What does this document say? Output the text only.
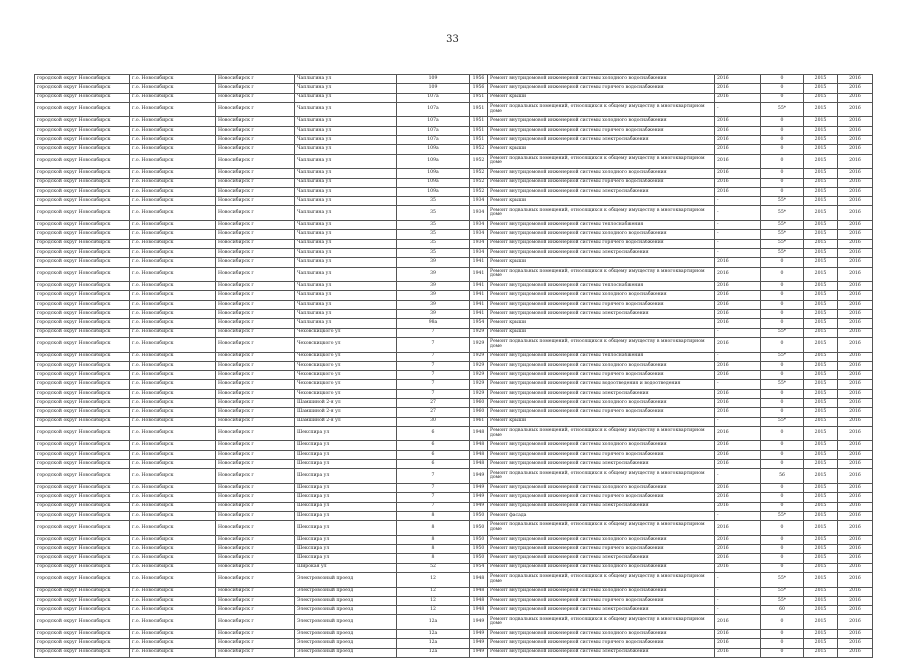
33
городской округ Новосибирск	г.о. Новосибирск	Новосибирск г	Чаплыгина ул	109	1956	Ремонт внутридомовой инженерной системы холодного водоснабжения	2016	0	2015	2016
городской округ Новосибирск	г.о. Новосибирск	Новосибирск г	Чаплыгина ул	109	1956	Ремонт внутридомовой инженерной системы горячего водоснабжения	2016	0	2015	2016
городской округ Новосибирск	г.о. Новосибирск	Новосибирск г	Чаплыгина ул	107а	1951	Ремонт крыши	2016	0	2015	2016
городской округ Новосибирск	г.о. Новосибирск	Новосибирск г	Чаплыгина ул	107а	1951	Ремонт подвальных помещений, относящихся к общему имуществу в многоквартирном доме	-	55*	2015	2016
городской округ Новосибирск	г.о. Новосибирск	Новосибирск г	Чаплыгина ул	107а	1951	Ремонт внутридомовой инженерной системы холодного водоснабжения	2016	0	2015	2016
городской округ Новосибирск	г.о. Новосибирск	Новосибирск г	Чаплыгина ул	107а	1951	Ремонт внутридомовой инженерной системы горячего водоснабжения	2016	0	2015	2016
городской округ Новосибирск	г.о. Новосибирск	Новосибирск г	Чаплыгина ул	107а	1951	Ремонт внутридомовой инженерной системы электроснабжения	2016	0	2015	2016
городской округ Новосибирск	г.о. Новосибирск	Новосибирск г	Чаплыгина ул	109а	1952	Ремонт крыши	2016	0	2015	2016
городской округ Новосибирск	г.о. Новосибирск	Новосибирск г	Чаплыгина ул	109а	1952	Ремонт подвальных помещений, относящихся к общему имуществу в многоквартирном доме	2016	0	2015	2016
городской округ Новосибирск	г.о. Новосибирск	Новосибирск г	Чаплыгина ул	109а	1952	Ремонт внутридомовой инженерной системы холодного водоснабжения	2016	0	2015	2016
городской округ Новосибирск	г.о. Новосибирск	Новосибирск г	Чаплыгина ул	109а	1952	Ремонт внутридомовой инженерной системы горячего водоснабжения	2016	0	2015	2016
городской округ Новосибирск	г.о. Новосибирск	Новосибирск г	Чаплыгина ул	109а	1952	Ремонт внутридомовой инженерной системы электроснабжения	2016	0	2015	2016
городской округ Новосибирск	г.о. Новосибирск	Новосибирск г	Чаплыгина ул	35	1934	Ремонт крыши	-	55*	2015	2016
городской округ Новосибирск	г.о. Новосибирск	Новосибирск г	Чаплыгина ул	35	1934	Ремонт подвальных помещений, относящихся к общему имуществу в многоквартирном доме	-	55*	2015	2016
городской округ Новосибирск	г.о. Новосибирск	Новосибирск г	Чаплыгина ул	35	1934	Ремонт внутридомовой инженерной системы теплоснабжения	-	55*	2015	2016
городской округ Новосибирск	г.о. Новосибирск	Новосибирск г	Чаплыгина ул	35	1934	Ремонт внутридомовой инженерной системы холодного водоснабжения	-	55*	2015	2016
городской округ Новосибирск	г.о. Новосибирск	Новосибирск г	Чаплыгина ул	35	1934	Ремонт внутридомовой инженерной системы горячего водоснабжения	-	55*	2015	2016
городской округ Новосибирск	г.о. Новосибирск	Новосибирск г	Чаплыгина ул	35	1934	Ремонт внутридомовой инженерной системы электроснабжения	-	55*	2015	2016
городской округ Новосибирск	г.о. Новосибирск	Новосибирск г	Чаплыгина ул	39	1941	Ремонт крыши	2016	0	2015	2016
городской округ Новосибирск	г.о. Новосибирск	Новосибирск г	Чаплыгина ул	39	1941	Ремонт подвальных помещений, относящихся к общему имуществу в многоквартирном доме	2016	0	2015	2016
городской округ Новосибирск	г.о. Новосибирск	Новосибирск г	Чаплыгина ул	39	1941	Ремонт внутридомовой инженерной системы теплоснабжения	2016	0	2015	2016
городской округ Новосибирск	г.о. Новосибирск	Новосибирск г	Чаплыгина ул	39	1941	Ремонт внутридомовой инженерной системы холодного водоснабжения	2016	0	2015	2016
городской округ Новосибирск	г.о. Новосибирск	Новосибирск г	Чаплыгина ул	39	1941	Ремонт внутридомовой инженерной системы горячего водоснабжения	2016	0	2015	2016
городской округ Новосибирск	г.о. Новосибирск	Новосибирск г	Чаплыгина ул	39	1941	Ремонт внутридомовой инженерной системы электроснабжения	2016	0	2015	2016
городской округ Новосибирск	г.о. Новосибирск	Новосибирск г	Чаплыгина ул	98а	1954	Ремонт крыши	2016	0	2015	2016
городской округ Новосибирск	г.о. Новосибирск	Новосибирск г	Чеховскицкого ул	7	1929	Ремонт крыши	-	55*	2015	2016
городской округ Новосибирск	г.о. Новосибирск	Новосибирск г	Чеховскицкого ул	7	1929	Ремонт подвальных помещений, относящихся к общему имуществу в многоквартирном доме	2016	0	2015	2016
городской округ Новосибирск	г.о. Новосибирск	Новосибирск г	Чеховскицкого ул	7	1929	Ремонт внутридомовой инженерной системы теплоснабжения	-	55*	2015	2016
городской округ Новосибирск	г.о. Новосибирск	Новосибирск г	Чеховскицкого ул	7	1929	Ремонт внутридомовой инженерной системы холодного водоснабжения	2016	0	2015	2016
городской округ Новосибирск	г.о. Новосибирск	Новосибирск г	Чеховскицкого ул	7	1929	Ремонт внутридомовой инженерной системы горячего водоснабжения	2016	0	2015	2016
городской округ Новосибирск	г.о. Новосибирск	Новосибирск г	Чеховскицкого ул	7	1929	Ремонт внутридомовой инженерной системы водоотведения и водоотведения	-	55*	2015	2016
городской округ Новосибирск	г.о. Новосибирск	Новосибирск г	Чеховскицкого ул	7	1929	Ремонт внутридомовой инженерной системы электроснабжения	2016	0	2015	2016
городской округ Новосибирск	г.о. Новосибирск	Новосибирск г	Шамшиной 2-я ул	27	1960	Ремонт внутридомовой инженерной системы холодного водоснабжения	2016	0	2015	2016
городской округ Новосибирск	г.о. Новосибирск	Новосибирск г	Шамшиной 2-я ул	27	1960	Ремонт внутридомовой инженерной системы горячего водоснабжения	2016	0	2015	2016
городской округ Новосибирск	г.о. Новосибирск	Новосибирск г	Шамшиной 2-я ул	30	1961	Ремонт крыши	-	55*	2015	2016
городской округ Новосибирск	г.о. Новосибирск	Новосибирск г	Шекспира ул	6	1948	Ремонт подвальных помещений, относящихся к общему имуществу в многоквартирном доме	2016	0	2015	2016
городской округ Новосибирск	г.о. Новосибирск	Новосибирск г	Шекспира ул	6	1948	Ремонт внутридомовой инженерной системы холодного водоснабжения	2016	0	2015	2016
городской округ Новосибирск	г.о. Новосибирск	Новосибирск г	Шекспира ул	6	1948	Ремонт внутридомовой инженерной системы горячего водоснабжения	2016	0	2015	2016
городской округ Новосибирск	г.о. Новосибирск	Новосибирск г	Шекспира ул	6	1948	Ремонт внутридомовой инженерной системы электроснабжения	2016	0	2015	2016
городской округ Новосибирск	г.о. Новосибирск	Новосибирск г	Шекспира ул	7	1949	Ремонт подвальных помещений, относящихся к общему имуществу в многоквартирном доме	-	56	2015	2016
городской округ Новосибирск	г.о. Новосибирск	Новосибирск г	Шекспира ул	7	1949	Ремонт внутридомовой инженерной системы холодного водоснабжения	2016	0	2015	2016
городской округ Новосибирск	г.о. Новосибирск	Новосибирск г	Шекспира ул	7	1949	Ремонт внутридомовой инженерной системы горячего водоснабжения	2016	0	2015	2016
городской округ Новосибирск	г.о. Новосибирск	Новосибирск г	Шекспира ул	7	1949	Ремонт внутридомовой инженерной системы электроснабжения	2016	0	2015	2016
городской округ Новосибирск	г.о. Новосибирск	Новосибирск г	Шекспира ул	8	1950	Ремонт фасада	-	55*	2015	2016
городской округ Новосибирск	г.о. Новосибирск	Новосибирск г	Шекспира ул	8	1950	Ремонт подвальных помещений, относящихся к общему имуществу в многоквартирном доме	2016	0	2015	2016
городской округ Новосибирск	г.о. Новосибирск	Новосибирск г	Шекспира ул	8	1950	Ремонт внутридомовой инженерной системы холодного водоснабжения	2016	0	2015	2016
городской округ Новосибирск	г.о. Новосибирск	Новосибирск г	Шекспира ул	8	1950	Ремонт внутридомовой инженерной системы горячего водоснабжения	2016	0	2015	2016
городской округ Новосибирск	г.о. Новосибирск	Новосибирск г	Шекспира ул	8	1950	Ремонт внутридомовой инженерной системы электроснабжения	2016	0	2015	2016
городской округ Новосибирск	г.о. Новосибирск	Новосибирск г	Широкая ул	52	1954	Ремонт внутридомовой инженерной системы холодного водоснабжения	2016	0	2015	2016
городской округ Новосибирск	г.о. Новосибирск	Новосибирск г	Электровозный проезд	12	1948	Ремонт подвальных помещений, относящихся к общему имуществу в многоквартирном доме	-	55*	2015	2016
городской округ Новосибирск	г.о. Новосибирск	Новосибирск г	Электровозный проезд	12	1948	Ремонт внутридомовой инженерной системы холодного водоснабжения	-	55*	2015	2016
городской округ Новосибирск	г.о. Новосибирск	Новосибирск г	Электровозный проезд	12	1948	Ремонт внутридомовой инженерной системы горячего водоснабжения	-	55*	2015	2016
городской округ Новосибирск	г.о. Новосибирск	Новосибирск г	Электровозный проезд	12	1948	Ремонт внутридомовой инженерной системы электроснабжения	-	60	2015	2016
городской округ Новосибирск	г.о. Новосибирск	Новосибирск г	Электровозный проезд	12а	1949	Ремонт подвальных помещений, относящихся к общему имуществу в многоквартирном доме	2016	0	2015	2016
городской округ Новосибирск	г.о. Новосибирск	Новосибирск г	Электровозный проезд	12а	1949	Ремонт внутридомовой инженерной системы холодного водоснабжения	2016	0	2015	2016
городской округ Новосибирск	г.о. Новосибирск	Новосибирск г	Электровозный проезд	12а	1949	Ремонт внутридомовой инженерной системы горячего водоснабжения	2016	0	2015	2016
городской округ Новосибирск	г.о. Новосибирск	Новосибирск г	Электровозный проезд	12а	1949	Ремонт внутридомовой инженерной системы электроснабжения	2016	0	2015	2016
